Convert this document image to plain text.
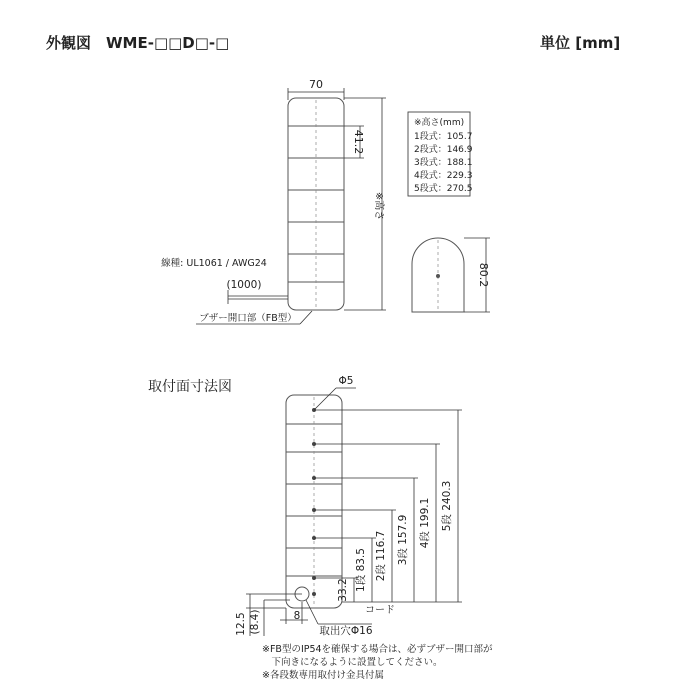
外観図　WME-□□D□-□	単位 [mm]
70
41.2
※高さ
線種: UL1061 / AWG24
(1000)
ブザー開口部（FB型）
※高さ(mm)
1段式：105.7
2段式：146.9
3段式：188.1
4段式：229.3
5段式：270.5
80.2
Φ5
5段 240.3
4段 199.1
3段 157.9
2段 116.7
1段 83.5
33.2
コード
取出穴Φ16
12.5 (8.4)	8
取付面寸法図
※FB型のIP54を確保する場合は、必ずブザー開口部が
　下向きになるように設置してください。
※各段数専用取付け金具付属
